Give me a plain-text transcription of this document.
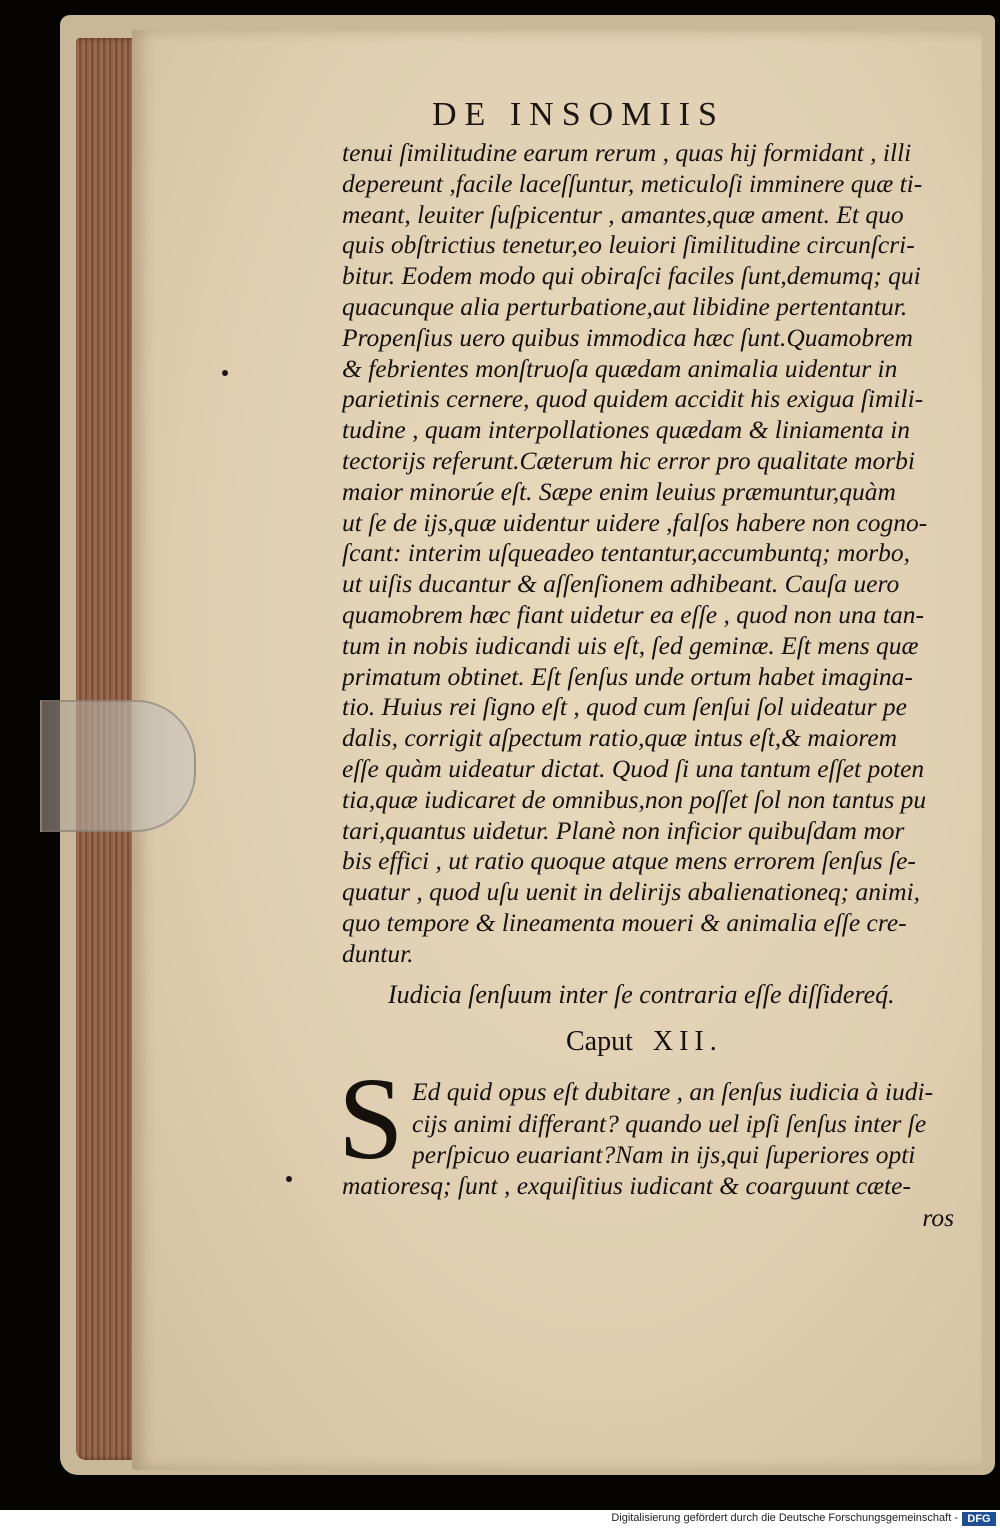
DE INSOMIIS
tenui ſimilitudine earum rerum , quas hij formidant , illi
depereunt ,facile laceſſuntur, meticuloſi imminere quæ ti-
meant, leuiter ſuſpicentur , amantes,quæ ament. Et quo
quis obſtrictius tenetur,eo leuiori ſimilitudine circunſcri-
bitur. Eodem modo qui obiraſci faciles ſunt,demumq; qui
quacunque alia perturbatione,aut libidine pertentantur.
Propenſius uero quibus immodica hæc ſunt.Quamobrem
& febrientes monſtruoſa quædam animalia uidentur in
parietinis cernere, quod quidem accidit his exigua ſimili-
tudine , quam interpollationes quædam & liniamenta in
tectorijs referunt.Cæterum hic error pro qualitate morbi
maior minorúe eſt. Sæpe enim leuius præmuntur,quàm
ut ſe de ijs,quæ uidentur uidere ,falſos habere non cogno-
ſcant: interim uſqueadeo tentantur,accumbuntq; morbo,
ut uiſis ducantur & aſſenſionem adhibeant. Cauſa uero
quamobrem hæc fiant uidetur ea eſſe , quod non una tan-
tum in nobis iudicandi uis eſt, ſed geminæ. Eſt mens quæ
primatum obtinet. Eſt ſenſus unde ortum habet imagina-
tio. Huius rei ſigno eſt , quod cum ſenſui ſol uideatur pe
dalis, corrigit aſpectum ratio,quæ intus eſt,& maiorem
eſſe quàm uideatur dictat. Quod ſi una tantum eſſet poten
tia,quæ iudicaret de omnibus,non poſſet ſol non tantus pu
tari,quantus uidetur. Planè non inficior quibuſdam mor
bis effici , ut ratio quoque atque mens errorem ſenſus ſe-
quatur , quod uſu uenit in delirijs abalienationeq; animi,
quo tempore & lineamenta moueri & animalia eſſe cre-
duntur.
Iudicia ſenſuum inter ſe contraria eſſe diſſidereq́.
Caput XII.
S Ed quid opus eſt dubitare , an ſenſus iudicia à iudi-
cijs animi differant? quando uel ipſi ſenſus inter ſe
perſpicuo euariant?Nam in ijs,qui ſuperiores opti
matioresq; ſunt , exquiſitius iudicant & coarguunt cæte-
ros
Digitalisierung gefördert durch die Deutsche Forschungsgemeinschaft - DFG
